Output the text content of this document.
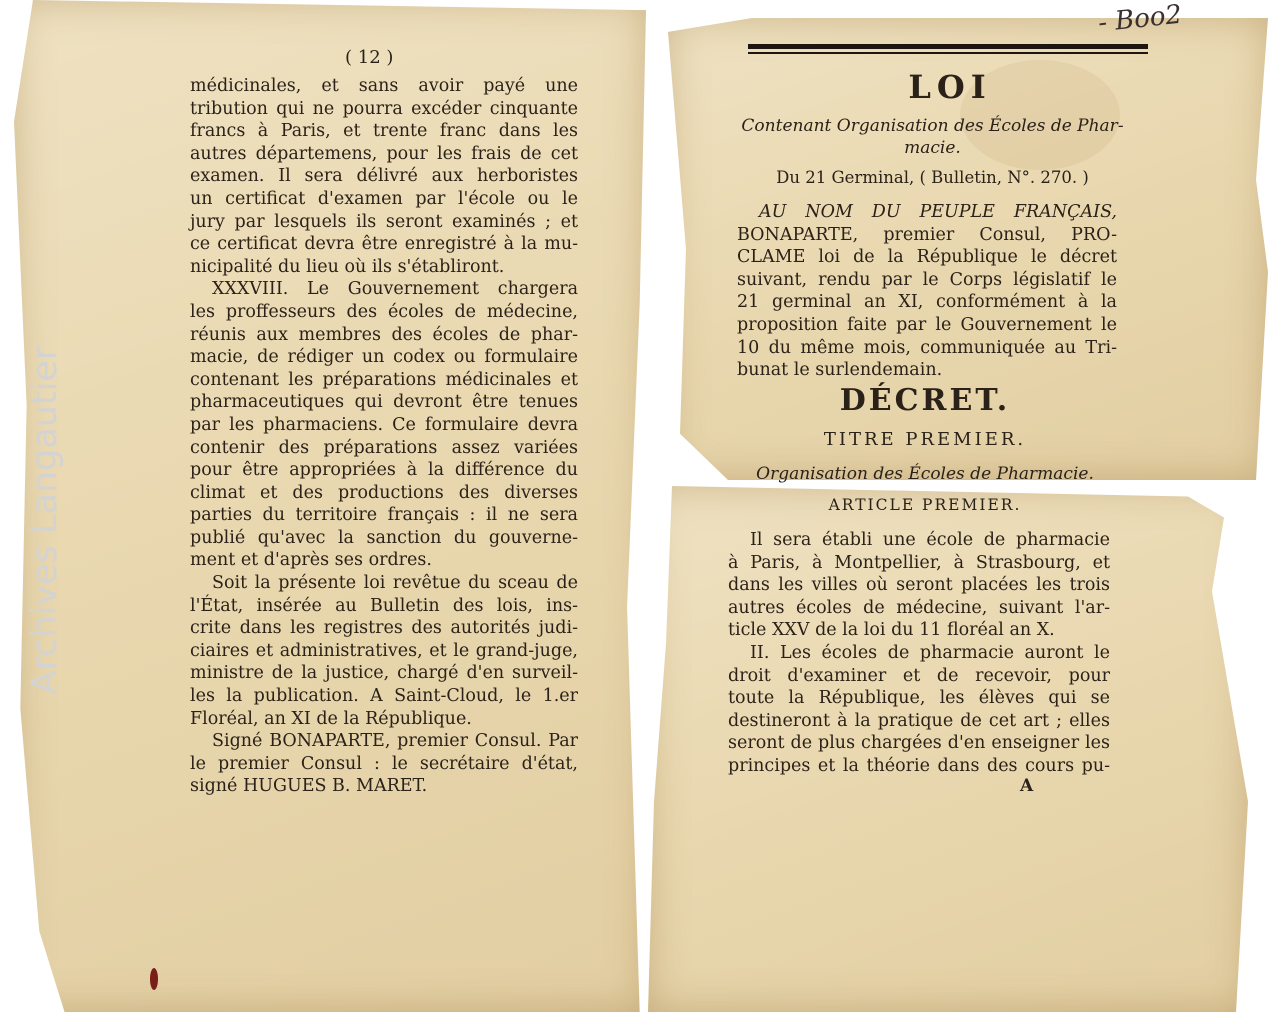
Archives Langautier
- Boo2
( 12 )
médicinales, et sans avoir payé une
tribution qui ne pourra excéder cinquante
francs à Paris, et trente franc dans les
autres départemens, pour les frais de cet
examen. Il sera délivré aux herboristes
un certificat d'examen par l'école ou le
jury par lesquels ils seront examinés ; et
ce certificat devra être enregistré à la mu-
nicipalité du lieu où ils s'établiront.
XXXVIII. Le Gouvernement chargera
les proffesseurs des écoles de médecine,
réunis aux membres des écoles de phar-
macie, de rédiger un codex ou formulaire
contenant les préparations médicinales et
pharmaceutiques qui devront être tenues
par les pharmaciens. Ce formulaire devra
contenir des préparations assez variées
pour être appropriées à la différence du
climat et des productions des diverses
parties du territoire français : il ne sera
publié qu'avec la sanction du gouverne-
ment et d'après ses ordres.
Soit la présente loi revêtue du sceau de
l'État, insérée au Bulletin des lois, ins-
crite dans les registres des autorités judi-
ciaires et administratives, et le grand-juge,
ministre de la justice, chargé d'en surveil-
les la publication. A Saint-Cloud, le 1.er
Floréal, an XI de la République.
Signé BONAPARTE, premier Consul. Par
le premier Consul : le secrétaire d'état,
signé HUGUES B. MARET.
LOI
Contenant Organisation des Écoles de Phar-
macie.
Du 21 Germinal, ( Bulletin, N°. 270. )
AU NOM DU PEUPLE FRANÇAIS,
BONAPARTE, premier Consul, PRO-
CLAME loi de la République le décret
suivant, rendu par le Corps législatif le
21 germinal an XI, conformément à la
proposition faite par le Gouvernement le
10 du même mois, communiquée au Tri-
bunat le surlendemain.
DÉCRET.
TITRE PREMIER.
Organisation des Écoles de Pharmacie.
ARTICLE PREMIER.
Il sera établi une école de pharmacie
à Paris, à Montpellier, à Strasbourg, et
dans les villes où seront placées les trois
autres écoles de médecine, suivant l'ar-
ticle XXV de la loi du 11 floréal an X.
II. Les écoles de pharmacie auront le
droit d'examiner et de recevoir, pour
toute la République, les élèves qui se
destineront à la pratique de cet art ; elles
seront de plus chargées d'en enseigner les
principes et la théorie dans des cours pu-
A
